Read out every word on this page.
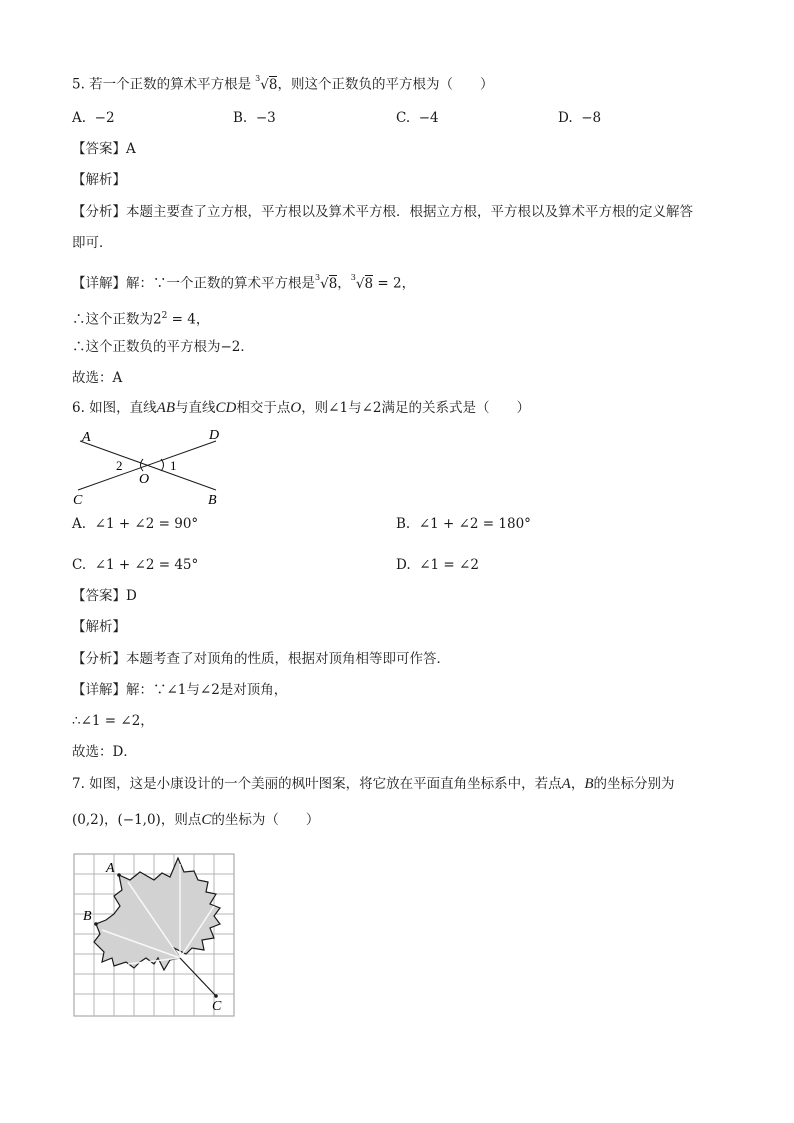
5. 若一个正数的算术平方根是 $^3$√8，则这个正数负的平方根为（　　）
A. −2	B. −3	C. −4	D. −8
【答案】A
【解析】
【分析】本题主要查了立方根，平方根以及算术平方根．根据立方根，平方根以及算术平方根的定义解答
即可．
【详解】解：∵一个正数的算术平方根是$^3$√8，$^3$√8 = 2，
∴这个正数为$2^2 = 4$，
∴这个正数负的平方根为−2．
故选：A
6. 如图，直线AB与直线CD相交于点O，则∠1与∠2满足的关系式是（　　）
A	D
C	B
O
2	1
A. ∠1 + ∠2 = 90°	B. ∠1 + ∠2 = 180°
C. ∠1 + ∠2 = 45°	D. ∠1 = ∠2
【答案】D
【解析】
【分析】本题考查了对顶角的性质，根据对顶角相等即可作答．
【详解】解：∵∠1与∠2是对顶角，
∴∠1 = ∠2，
故选：D．
7. 如图，这是小康设计的一个美丽的枫叶图案，将它放在平面直角坐标系中，若点A，B的坐标分别为
(0,2)，(−1,0)，则点C的坐标为（　　）
A
B
C
